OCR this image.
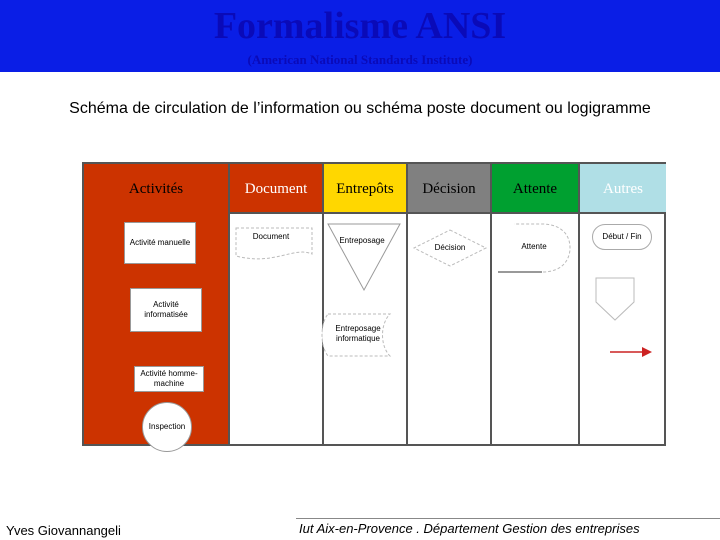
Formalisme ANSI
(American National Standards Institute)
Schéma de circulation de l’information ou schéma poste document ou logigramme
Activités
Activité manuelle
Activité informatisée
Activité homme-machine
Inspection
Document
Document
Entrepôts
Entreposage
Entreposage informatique
Décision
Décision
Attente
Attente
Autres
Début / Fin
Yves Giovannangeli	Iut Aix-en-Provence . Département Gestion des entreprises
